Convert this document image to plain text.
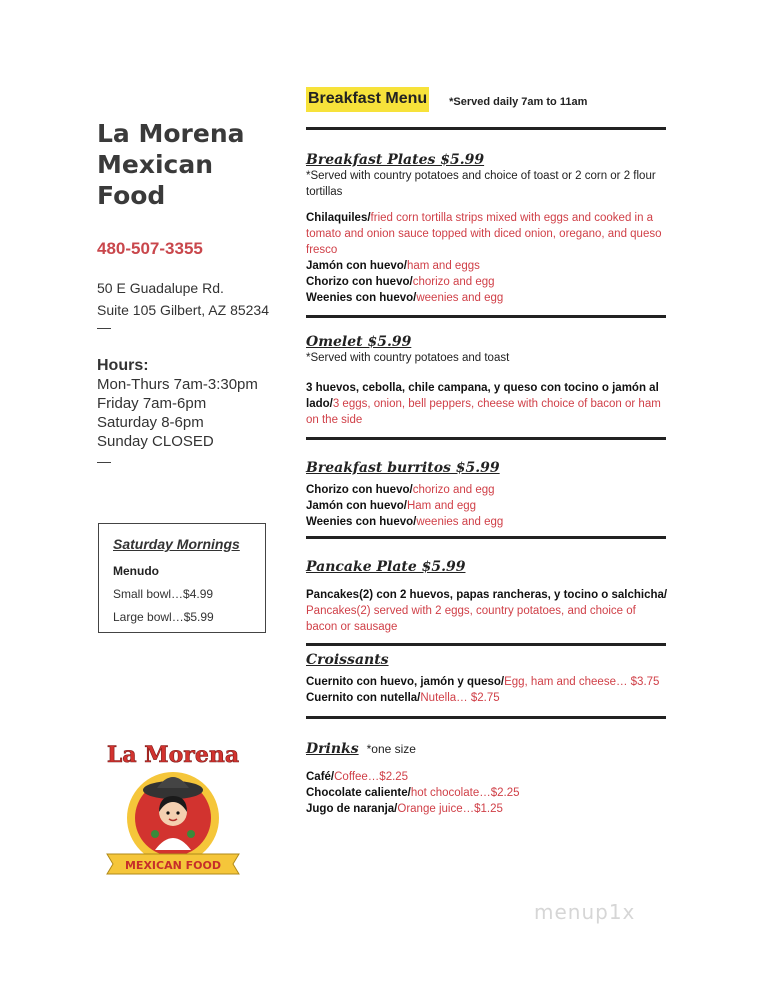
La Morena
Mexican Food
480-507-3355
50 E Guadalupe Rd.
Suite 105 Gilbert, AZ 85234
—
Hours:
Mon-Thurs 7am-3:30pm
Friday 7am-6pm
Saturday 8-6pm
Sunday CLOSED
—
Saturday Mornings
Menudo
Small bowl…$4.99
Large bowl…$5.99
La Morena
MEXICAN FOOD
Breakfast Menu *Served daily 7am to 11am
Breakfast Plates $5.99
*Served with country potatoes and choice of toast or 2 corn or 2 flour tortillas
Chilaquiles/fried corn tortilla strips mixed with eggs and cooked in a tomato and onion sauce topped with diced onion, oregano, and queso fresco
Jamón con huevo/ham and eggs
Chorizo con huevo/chorizo and egg
Weenies con huevo/weenies and egg
Omelet $5.99
*Served with country potatoes and toast
3 huevos, cebolla, chile campana, y queso con tocino o jamón al lado/3 eggs, onion, bell peppers, cheese with choice of bacon or ham on the side
Breakfast burritos $5.99
Chorizo con huevo/chorizo and egg
Jamón con huevo/Ham and egg
Weenies con huevo/weenies and egg
Pancake Plate $5.99
Pancakes(2) con 2 huevos, papas rancheras, y tocino o salchicha/ Pancakes(2) served with 2 eggs, country potatoes, and choice of bacon or sausage
Croissants
Cuernito con huevo, jamón y queso/Egg, ham and cheese… $3.75
Cuernito con nutella/Nutella… $2.75
Drinks *one size
Café/Coffee…$2.25
Chocolate caliente/hot chocolate…$2.25
Jugo de naranja/Orange juice…$1.25
menup1x
